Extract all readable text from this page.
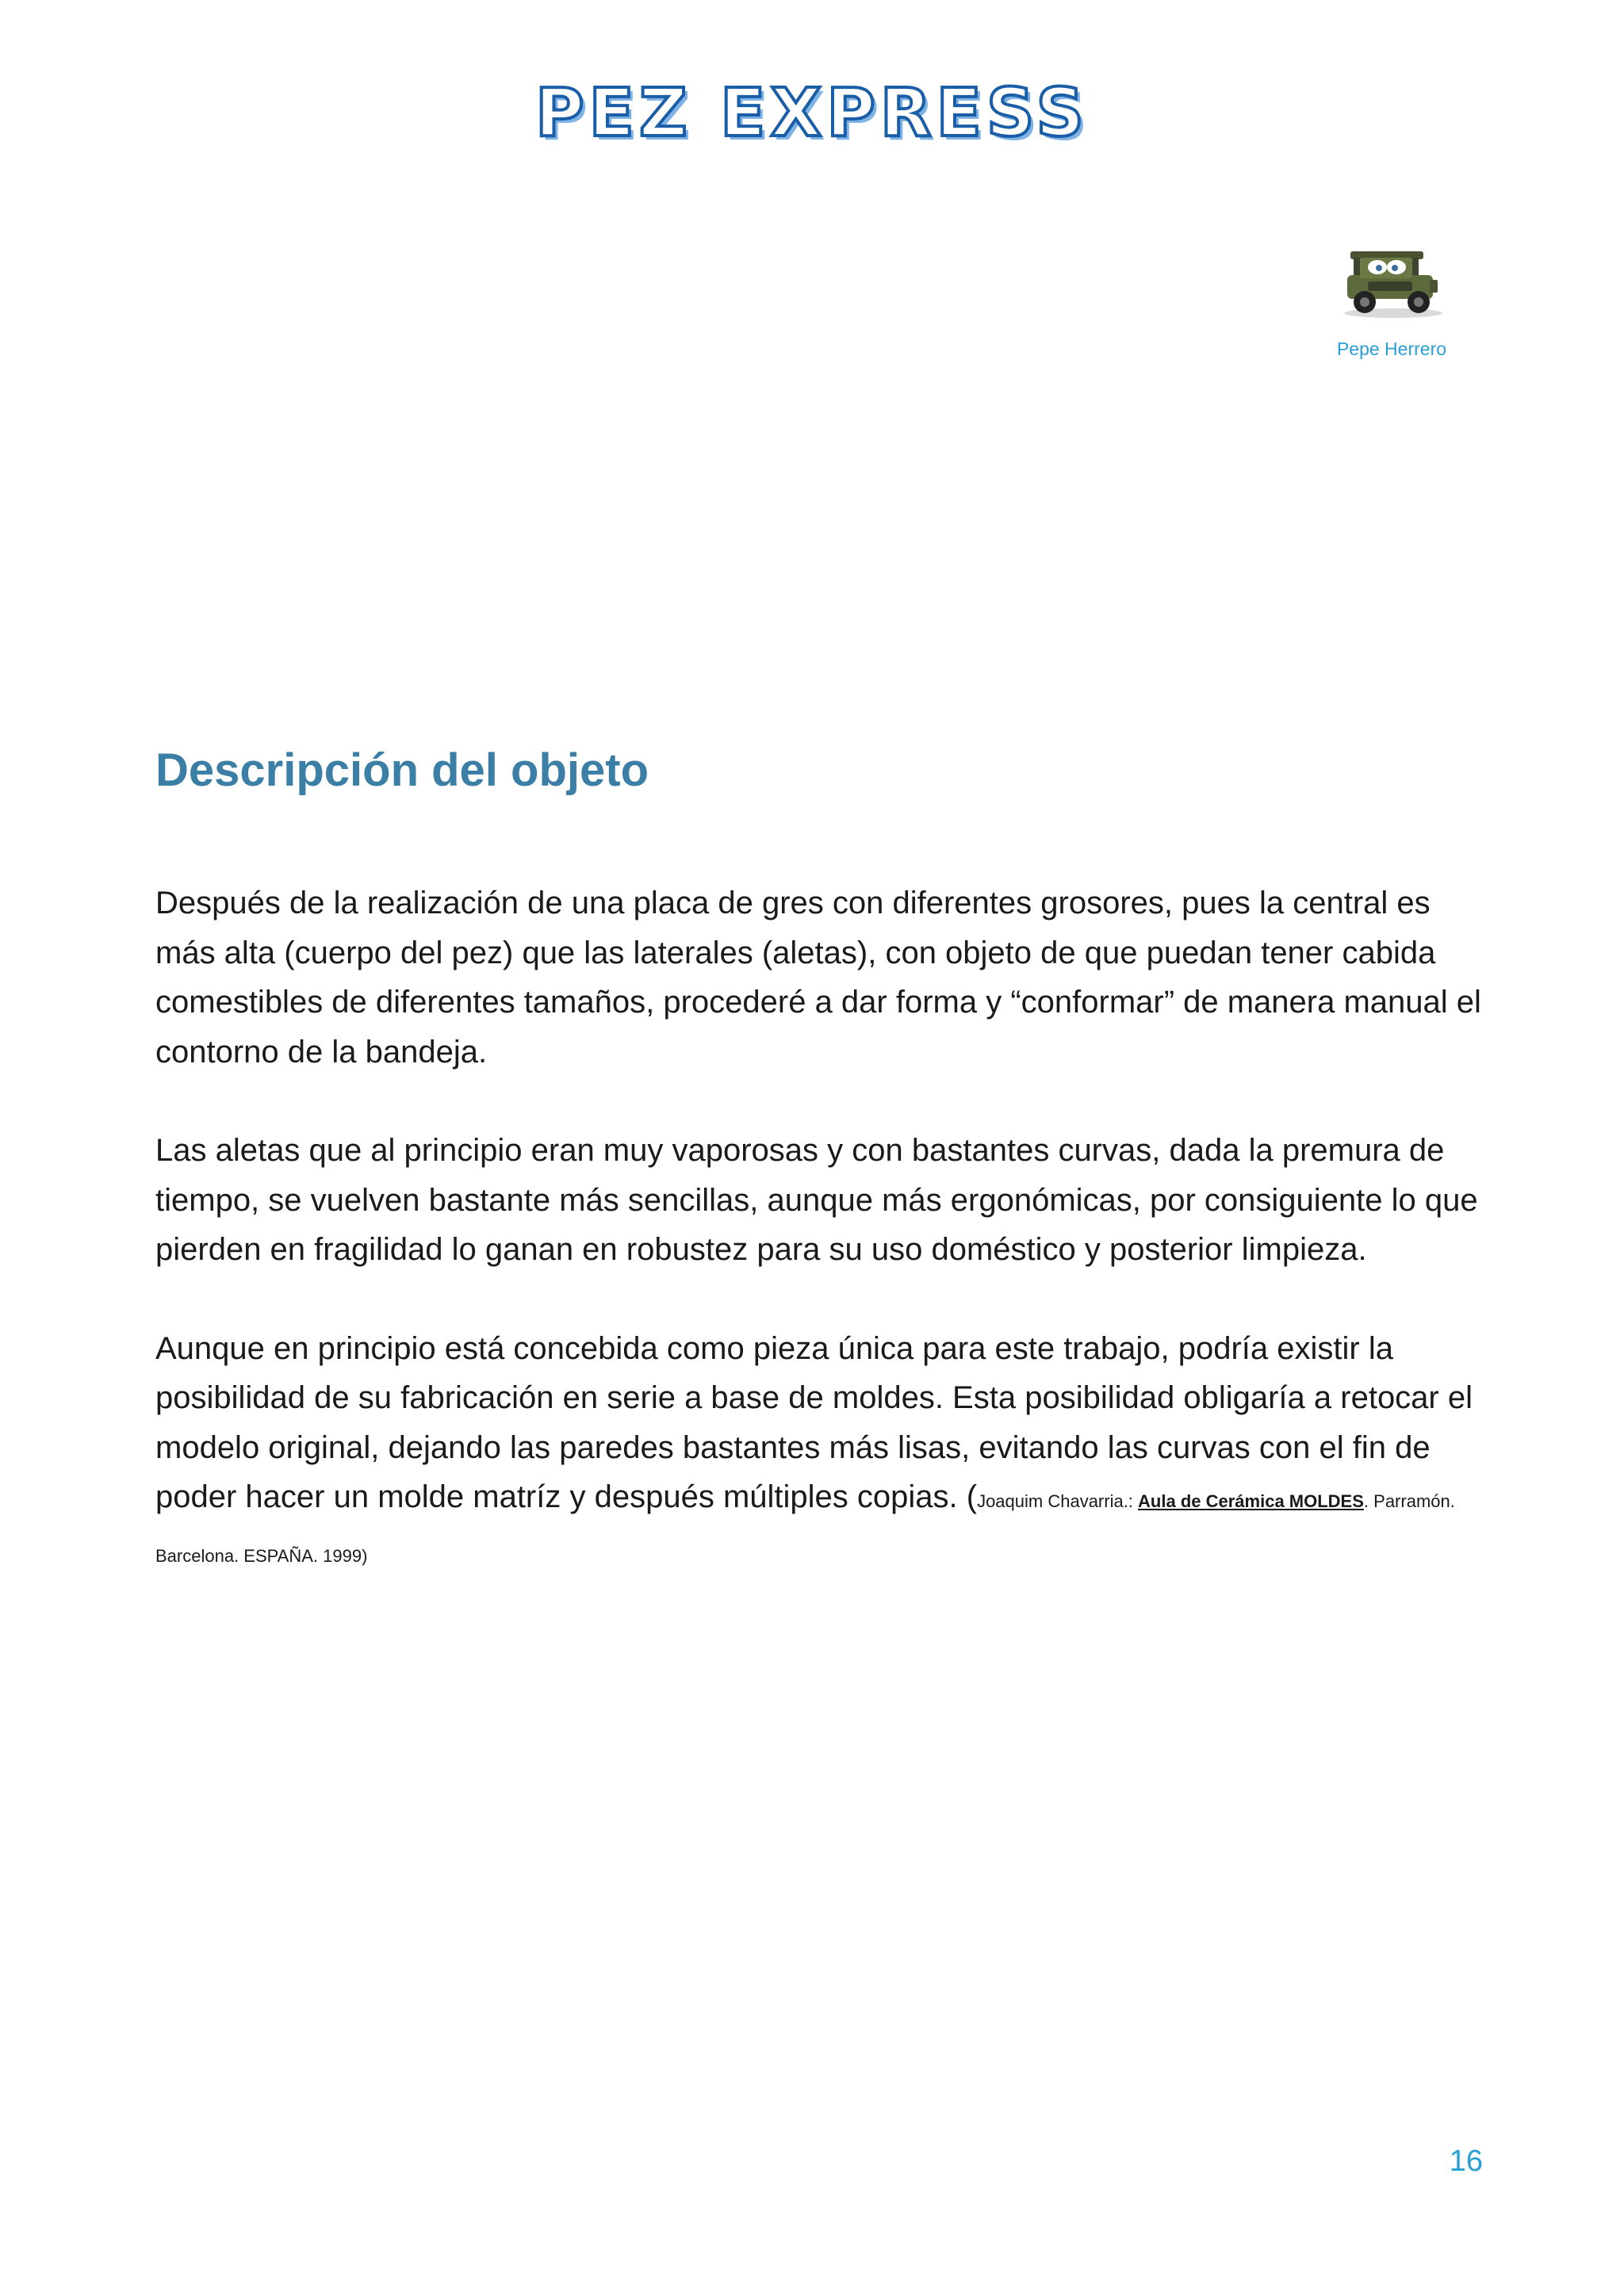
PEZ EXPRESS
Pepe Herrero
Descripción del objeto

Después de la realización de una placa de gres con diferentes grosores, pues la central es más alta (cuerpo del pez) que las laterales (aletas), con objeto de que puedan tener cabida comestibles de diferentes tamaños, procederé a dar forma y “conformar” de manera manual el contorno de la bandeja.

Las aletas que al principio eran muy vaporosas y con bastantes curvas, dada la premura de tiempo, se vuelven bastante más sencillas, aunque más ergonómicas, por consiguiente lo que pierden en fragilidad lo ganan en robustez para su uso doméstico y posterior limpieza.

Aunque en principio está concebida como pieza única para este trabajo, podría existir la posibilidad de su fabricación en serie a base de moldes. Esta posibilidad obligaría a retocar el modelo original, dejando las paredes bastantes más lisas, evitando las curvas con el fin de poder hacer un molde matríz y después múltiples copias. (Joaquim Chavarria.: Aula de Cerámica MOLDES. Parramón. Barcelona. ESPAÑA. 1999)

16
